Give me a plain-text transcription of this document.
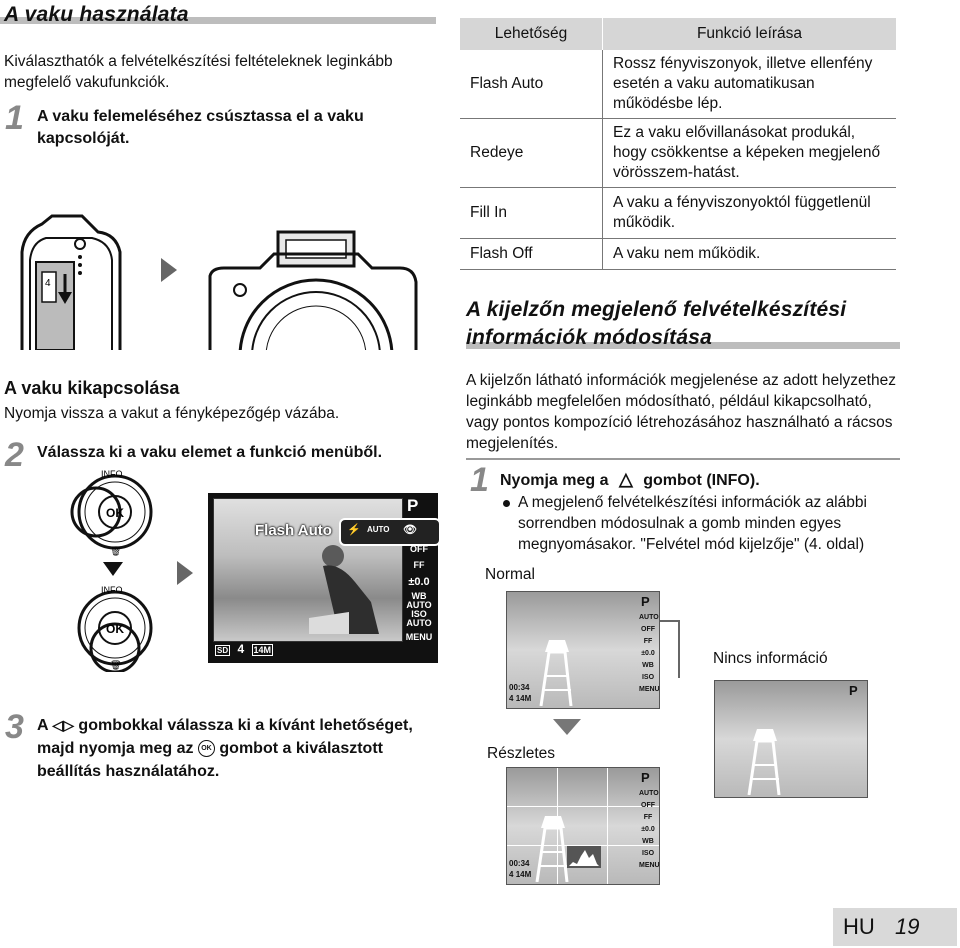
A vaku használata
Kiválaszthatók a felvételkészítési feltételeknek leginkább megfelelő vakufunkciók.
1 A vaku felemeléséhez csúsztassa el a vaku kapcsolóját.
4
A vaku kikapcsolása
Nyomja vissza a vakut a fényképezőgép vázába.
2 Válassza ki a vaku elemet a funkció menüből.
OK
INFO
🗑
OK
INFO
🗑
Flash Auto ⚡ AUTO 👁
P
OFF
FF
±0.0
WB AUTO
ISO AUTO
MENU
SD 4 14M
3 A ◁▷ gombokkal válassza ki a kívánt lehetőséget, majd nyomja meg az OK gombot a kiválasztott beállítás használatához.
Lehetőség	Funkció leírása
Flash Auto	Rossz fényviszonyok, illetve ellenfény esetén a vaku automatikusan működésbe lép.
Redeye	Ez a vaku elővillanásokat produkál, hogy csökkentse a képeken megjelenő vörösszem-hatást.
Fill In	A vaku a fényviszonyoktól függetlenül működik.
Flash Off	A vaku nem működik.
A kijelzőn megjelenő felvételkészítési
információk módosítása
A kijelzőn látható információk megjelenése az adott helyzethez leginkább megfelelően módosítható, például kikapcsolható, vagy pontos kompozíció létrehozásához használható a rácsos megjelenítés.
1 Nyomja meg a △ gombot (INFO).
A megjelenő felvételkészítési információk az alábbi sorrendben módosulnak a gomb minden egyes megnyomásakor. "Felvétel mód kijelzője" (4. oldal)
Normal
P
AUTO
OFF
FF
±0.0
WB
ISO
MENU
00:34
4 14M
Nincs információ
P
Részletes
P
AUTO
OFF
FF
±0.0
WB
ISO
MENU
00:34
4 14M
HU 19
